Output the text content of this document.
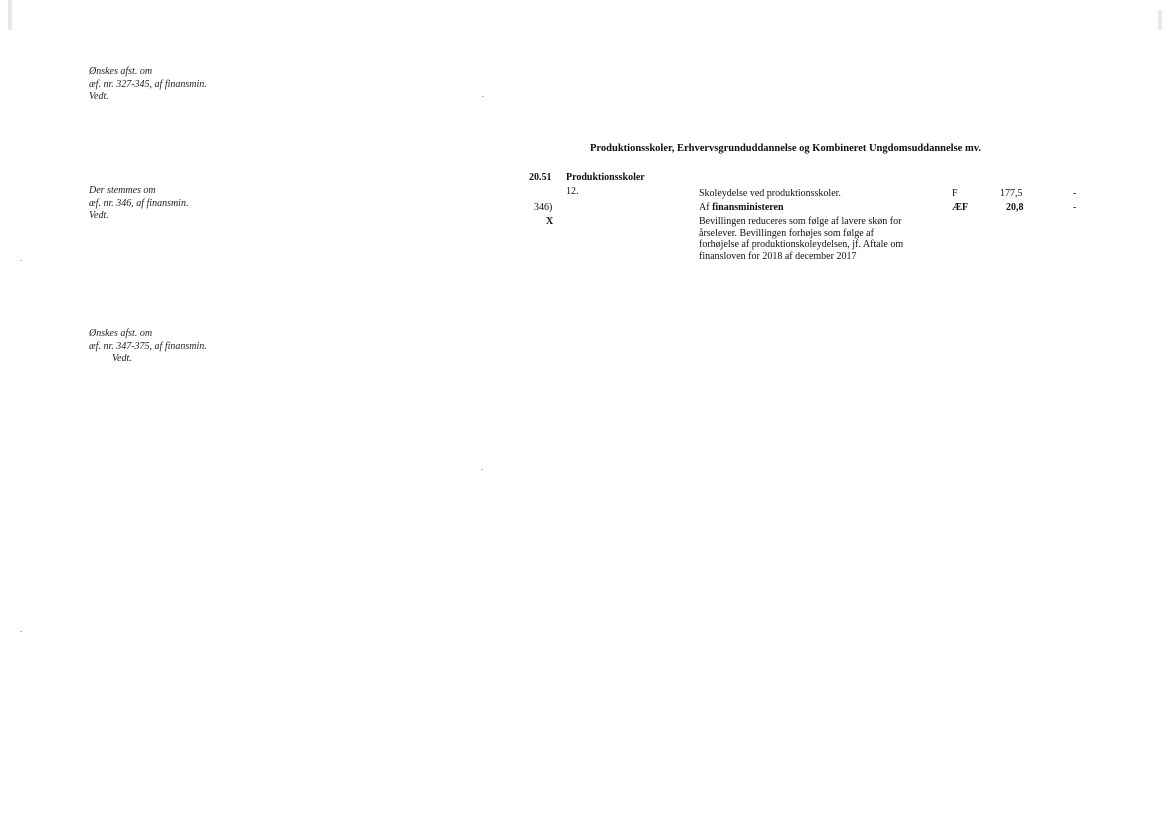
Ønskes afst. om
æf. nr. 327-345, af finansmin.
Vedt.
Der stemmes om
æf. nr. 346, af finansmin.
Vedt.
Ønskes afst. om
æf. nr. 347-375, af finansmin.
Vedt.
Produktionsskoler, Erhvervsgrunduddannelse og Kombineret Ungdomsuddannelse mv.
20.51 Produktionsskoler
12.	Skoleydelse ved produktionsskoler.	F	177,5	-
346)	Af finansministeren	ÆF	20,8	-
X	Bevillingen reduceres som følge af lavere skøn for
årselever. Bevillingen forhøjes som følge af
forhøjelse af produktionskoleydelsen, jf. Aftale om
finansloven for 2018 af december 2017
